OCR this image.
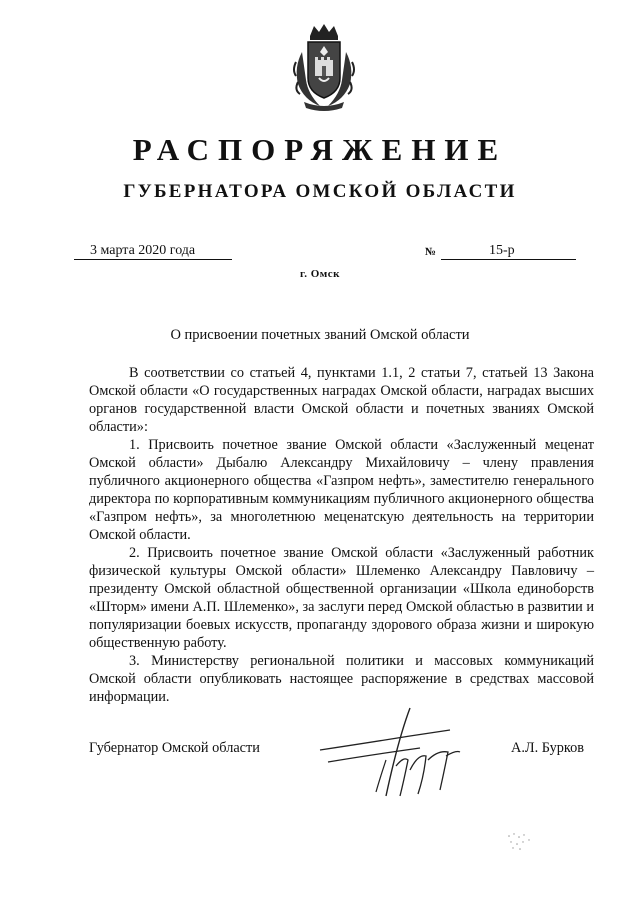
РАСПОРЯЖЕНИЕ
ГУБЕРНАТОРА ОМСКОЙ ОБЛАСТИ
3 марта 2020 года	№	15-р
г. Омск
О присвоении почетных званий Омской области

В соответствии со статьей 4, пунктами 1.1, 2 статьи 7, статьей 13 Закона Омской области «О государственных наградах Омской области, наградах высших органов государственной власти Омской области и почетных званиях Омской области»:

1. Присвоить почетное звание Омской области «Заслуженный меценат Омской области» Дыбалю Александру Михайловичу – члену правления публичного акционерного общества «Газпром нефть», заместителю генерального директора по корпоративным коммуникациям публичного акционерного общества «Газпром нефть», за многолетнюю меценатскую деятельность на территории Омской области.

2. Присвоить почетное звание Омской области «Заслуженный работник физической культуры Омской области» Шлеменко Александру Павловичу – президенту Омской областной общественной организации «Школа единоборств «Шторм» имени А.П. Шлеменко», за заслуги перед Омской областью в развитии и популяризации боевых искусств, пропаганду здорового образа жизни и широкую общественную работу.

3. Министерству региональной политики и массовых коммуникаций Омской области опубликовать настоящее распоряжение в средствах массовой информации.

Губернатор Омской области	А.Л. Бурков
